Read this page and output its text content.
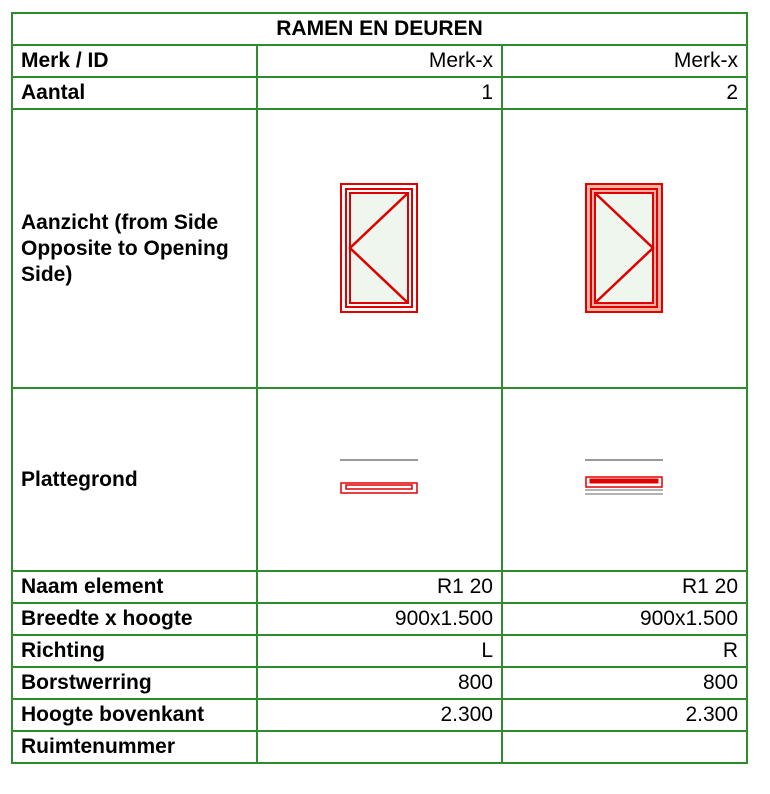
RAMEN EN DEUREN		
Merk / ID	Merk-x	Merk-x
Aantal	1	2
Aanzicht (from Side Opposite to Opening Side)		
Plattegrond		
Naam element	R1 20	R1 20
Breedte x hoogte	900x1.500	900x1.500
Richting	L	R
Borstwerring	800	800
Hoogte bovenkant	2.300	2.300
Ruimtenummer		
